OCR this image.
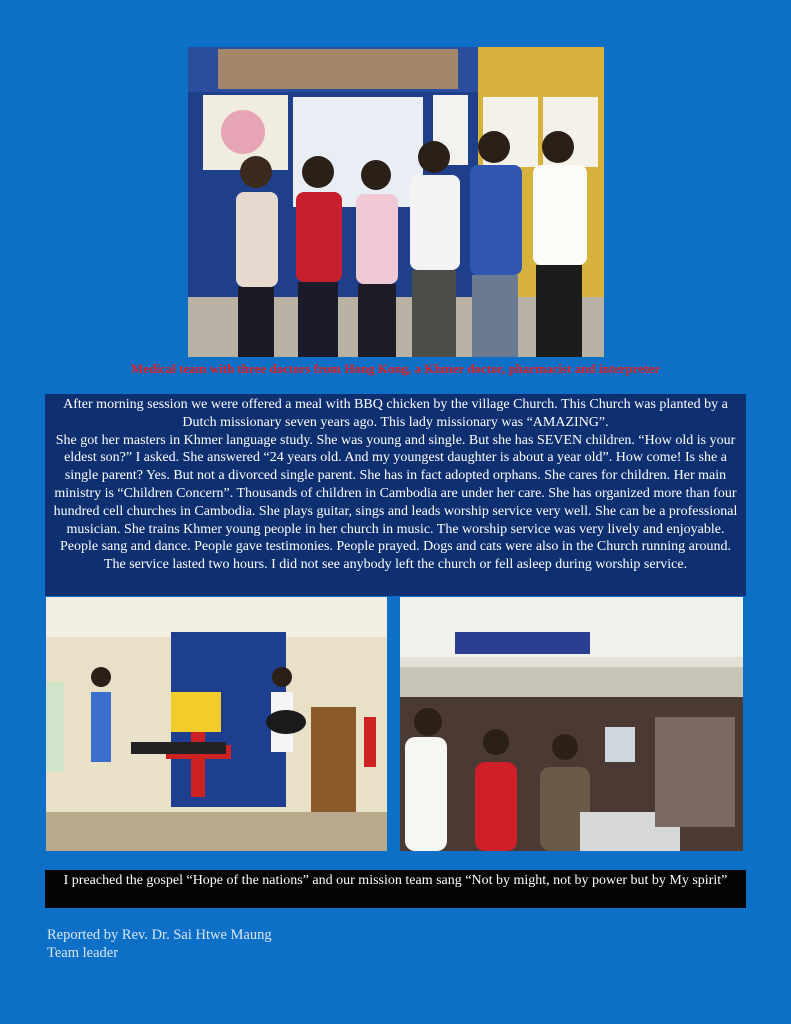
Medical team with three doctors from Hong Kong, a Khmer doctor, pharmacist and interpreter

After morning session we were offered a meal with BBQ chicken by the village Church. This Church was planted by a Dutch missionary seven years ago. This lady missionary was “AMAZING”.

She got her masters in Khmer language study. She was young and single. But she has SEVEN children. “How old is your eldest son?” I asked. She answered “24 years old. And my youngest daughter is about a year old”. How come! Is she a single parent? Yes. But not a divorced single parent. She has in fact adopted orphans. She cares for children. Her main ministry is “Children Concern”. Thousands of children in Cambodia are under her care. She has organized more than four hundred cell churches in Cambodia. She plays guitar, sings and leads worship service very well. She can be a professional musician. She trains Khmer young people in her church in music. The worship service was very lively and enjoyable. People sang and dance. People gave testimonies. People prayed. Dogs and cats were also in the Church running around. The service lasted two hours. I did not see anybody left the church or fell asleep during worship service.

I preached the gospel “Hope of the nations” and our mission team sang “Not by might, not by power but by My spirit”
Reported by Rev. Dr. Sai Htwe Maung
Team leader
